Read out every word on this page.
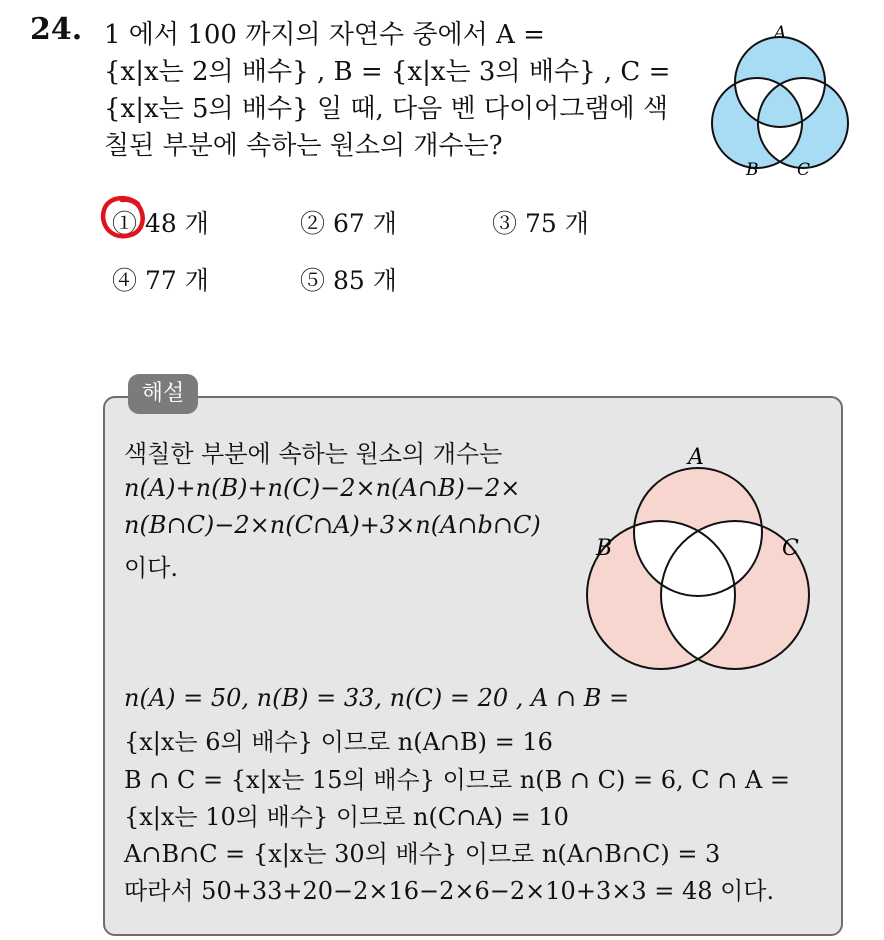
24. 1 에서 100 까지의 자연수 중에서 A =
{x|x는 2의 배수} , B = {x|x는 3의 배수} , C =
{x|x는 5의 배수} 일 때, 다음 벤 다이어그램에 색
칠된 부분에 속하는 원소의 개수는?
A
B C
① 48 개	② 67 개	③ 75 개
④ 77 개	⑤ 85 개
해설
색칠한 부분에 속하는 원소의 개수는
n(A)+n(B)+n(C)−2×n(A∩B)−2×
n(B∩C)−2×n(C∩A)+3×n(A∩b∩C)
이다.
A
B	C
n(A) = 50, n(B) = 33, n(C) = 20 , A ∩ B =
{x|x는 6의 배수} 이므로 n(A∩B) = 16
B ∩ C = {x|x는 15의 배수} 이므로 n(B ∩ C) = 6, C ∩ A =
{x|x는 10의 배수} 이므로 n(C∩A) = 10
A∩B∩C = {x|x는 30의 배수} 이므로 n(A∩B∩C) = 3
따라서 50+33+20−2×16−2×6−2×10+3×3 = 48 이다.
